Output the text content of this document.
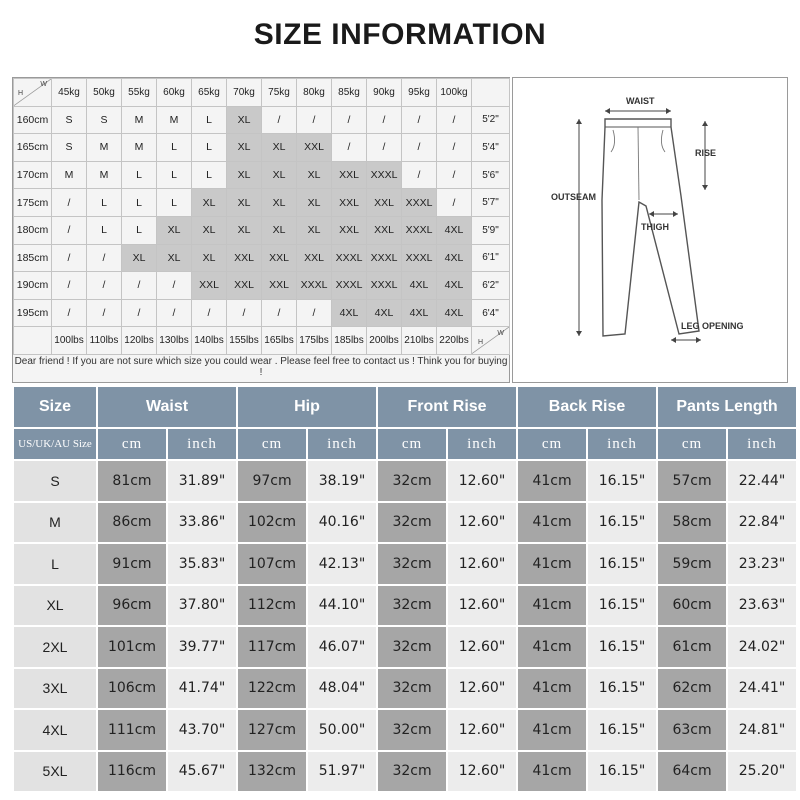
SIZE INFORMATION
H
W	45kg	50kg	55kg	60kg	65kg	70kg	75kg	80kg	85kg	90kg	95kg	100kg	
160cm	S	S	M	M	L	XL	/	/	/	/	/	/	5'2"
165cm	S	M	M	L	L	XL	XL	XXL	/	/	/	/	5'4"
170cm	M	M	L	L	L	XL	XL	XL	XXL	XXXL	/	/	5'6"
175cm	/	L	L	L	XL	XL	XL	XL	XXL	XXL	XXXL	/	5'7"
180cm	/	L	L	XL	XL	XL	XL	XL	XXL	XXL	XXXL	4XL	5'9"
185cm	/	/	XL	XL	XL	XXL	XXL	XXL	XXXL	XXXL	XXXL	4XL	6'1"
190cm	/	/	/	/	XXL	XXL	XXL	XXXL	XXXL	XXXL	4XL	4XL	6'2"
195cm	/	/	/	/	/	/	/	/	4XL	4XL	4XL	4XL	6'4"
	100lbs	110lbs	120lbs	130lbs	140lbs	155lbs	165lbs	175lbs	185lbs	200lbs	210lbs	220lbs	H
W
Dear friend ! If you are not sure which size you could wear . Please feel free to contact us ! Think you for buying !
WAIST
RISE
OUTSEAM
THIGH
LEG OPENING
Size	Waist		Hip		Front Rise		Back Rise		Pants Length	
US/UK/AU Size	cm	inch	cm	inch	cm	inch	cm	inch	cm	inch
S	81cm	31.89"	97cm	38.19"	32cm	12.60"	41cm	16.15"	57cm	22.44"
M	86cm	33.86"	102cm	40.16"	32cm	12.60"	41cm	16.15"	58cm	22.84"
L	91cm	35.83"	107cm	42.13"	32cm	12.60"	41cm	16.15"	59cm	23.23"
XL	96cm	37.80"	112cm	44.10"	32cm	12.60"	41cm	16.15"	60cm	23.63"
2XL	101cm	39.77"	117cm	46.07"	32cm	12.60"	41cm	16.15"	61cm	24.02"
3XL	106cm	41.74"	122cm	48.04"	32cm	12.60"	41cm	16.15"	62cm	24.41"
4XL	111cm	43.70"	127cm	50.00"	32cm	12.60"	41cm	16.15"	63cm	24.81"
5XL	116cm	45.67"	132cm	51.97"	32cm	12.60"	41cm	16.15"	64cm	25.20"
